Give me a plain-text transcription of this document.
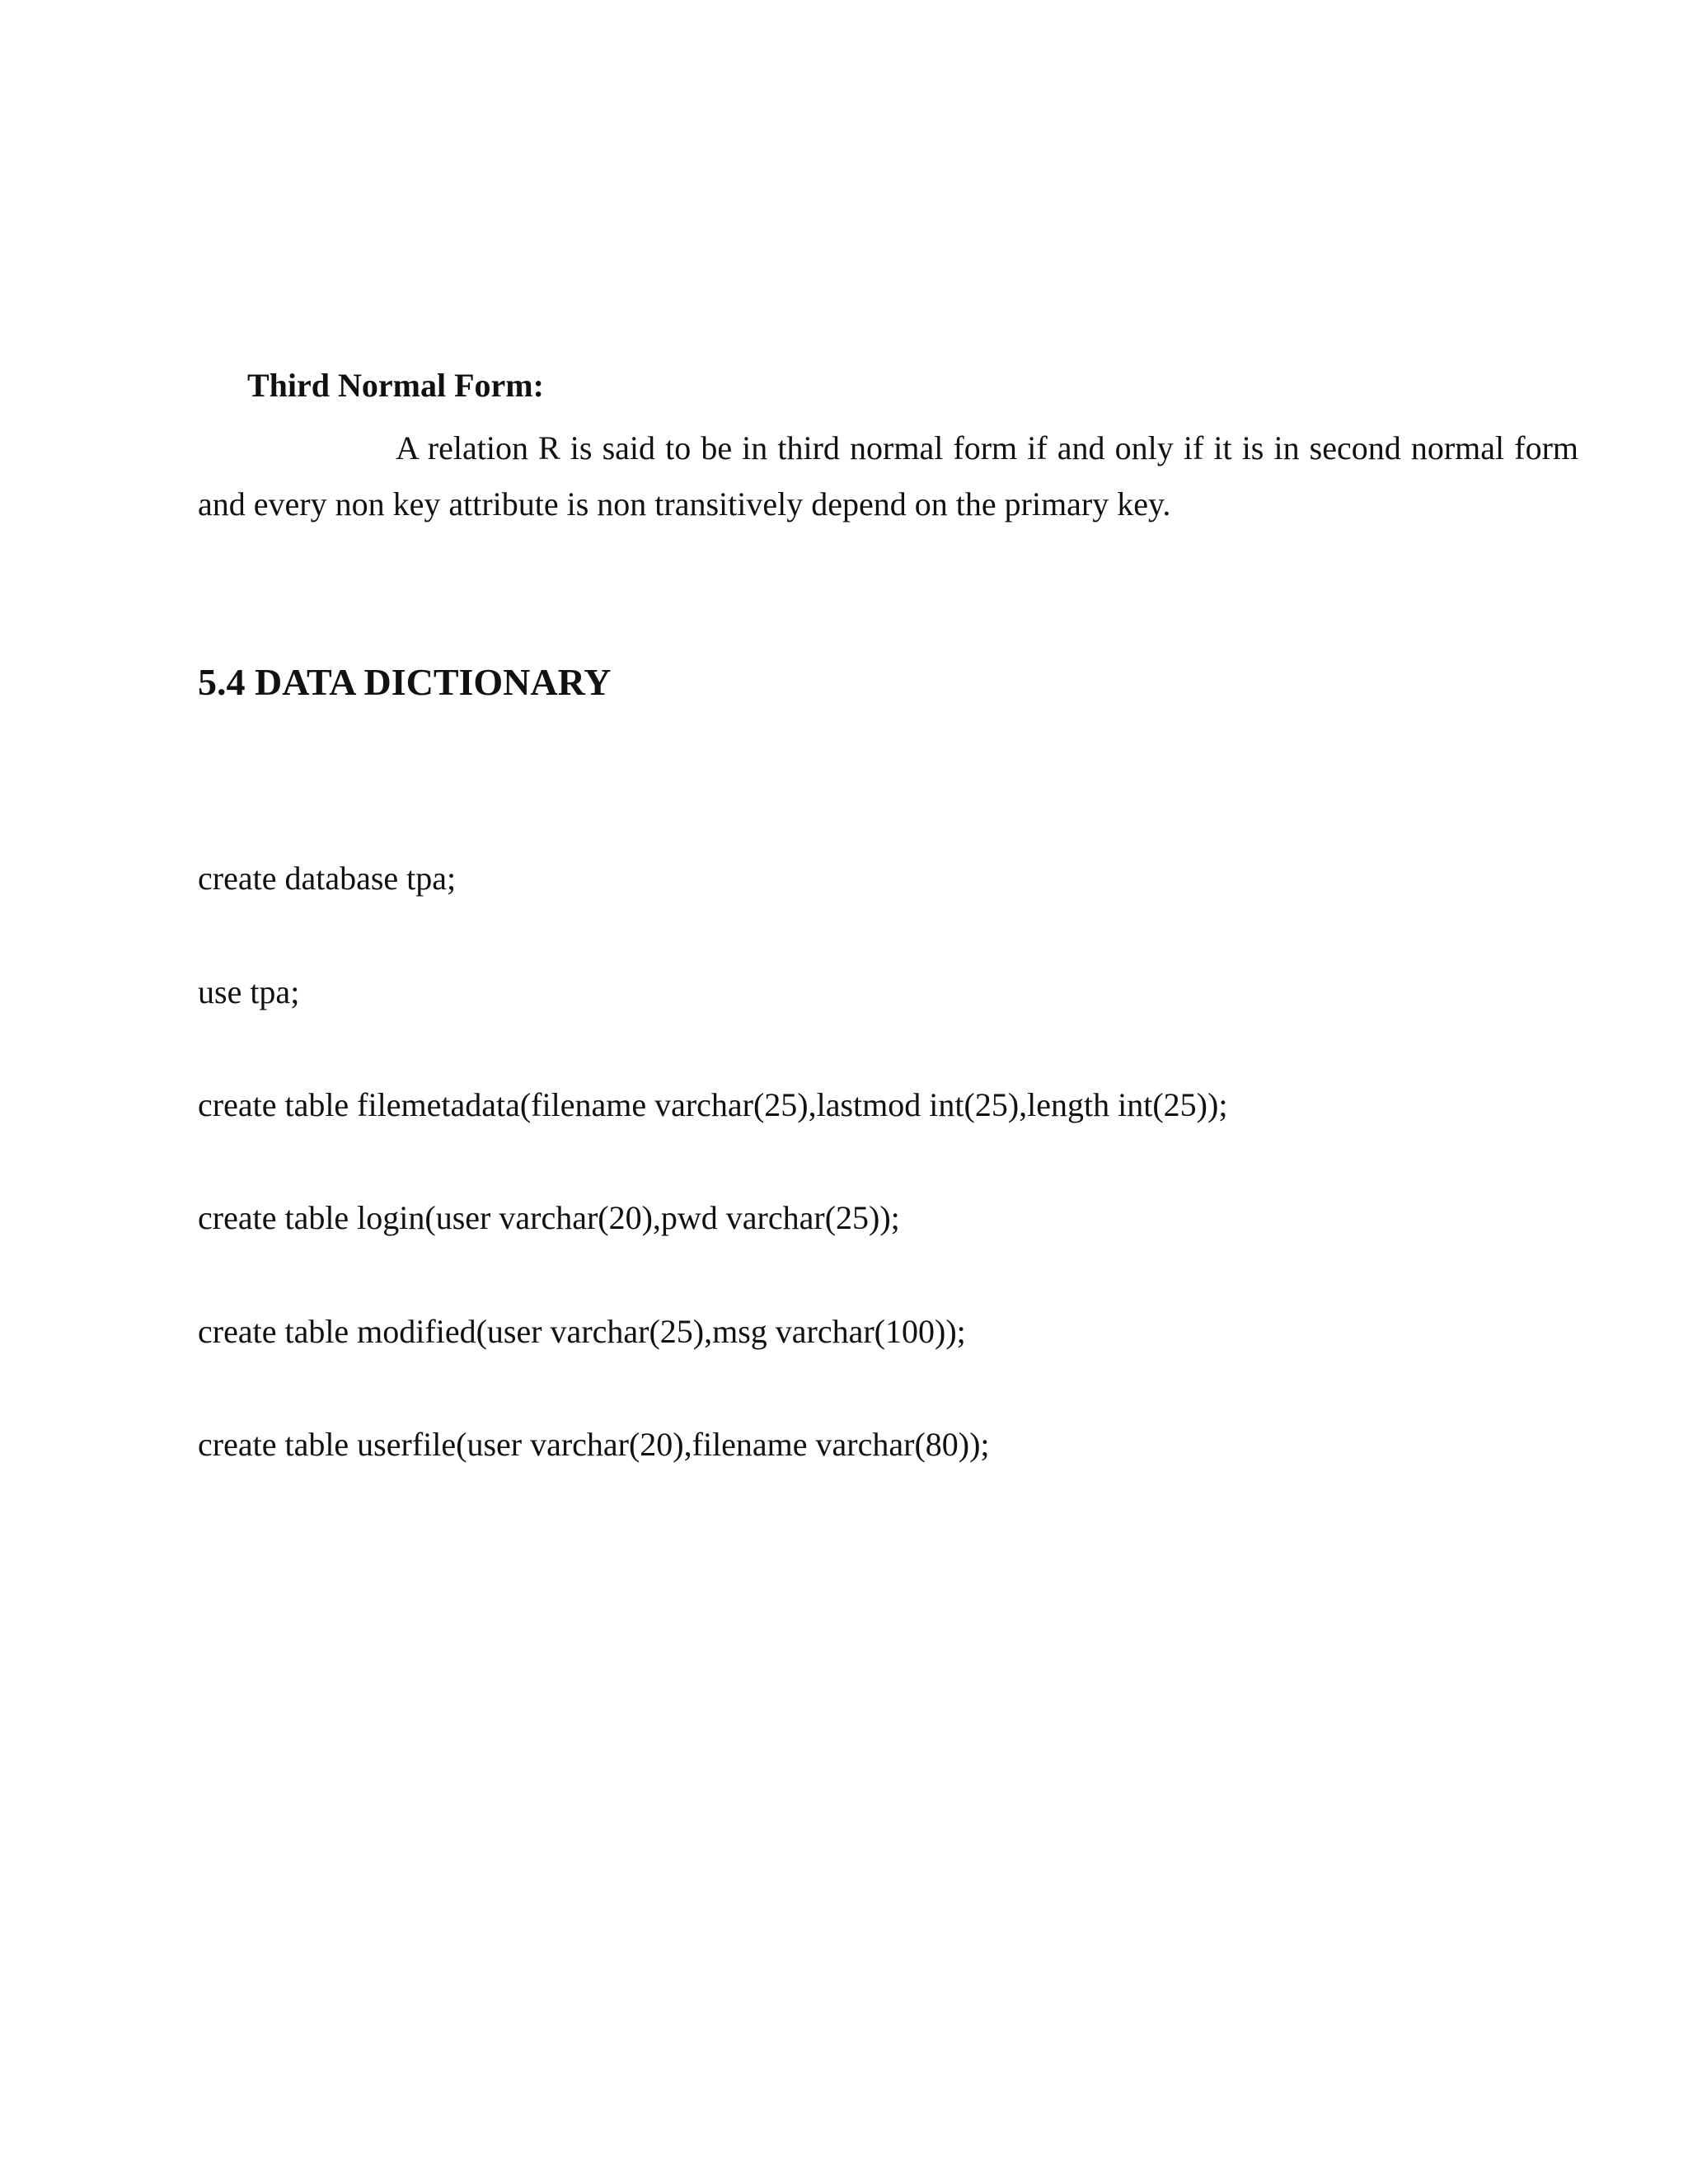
Third Normal Form:
A relation R is said to be in third normal form if and only if it is in second normal form and every non key attribute is non transitively depend on the primary key.
5.4 DATA DICTIONARY
create database tpa;
use tpa;
create table filemetadata(filename varchar(25),lastmod int(25),length int(25));
create table login(user varchar(20),pwd varchar(25));
create table modified(user varchar(25),msg varchar(100));
create table userfile(user varchar(20),filename varchar(80));
